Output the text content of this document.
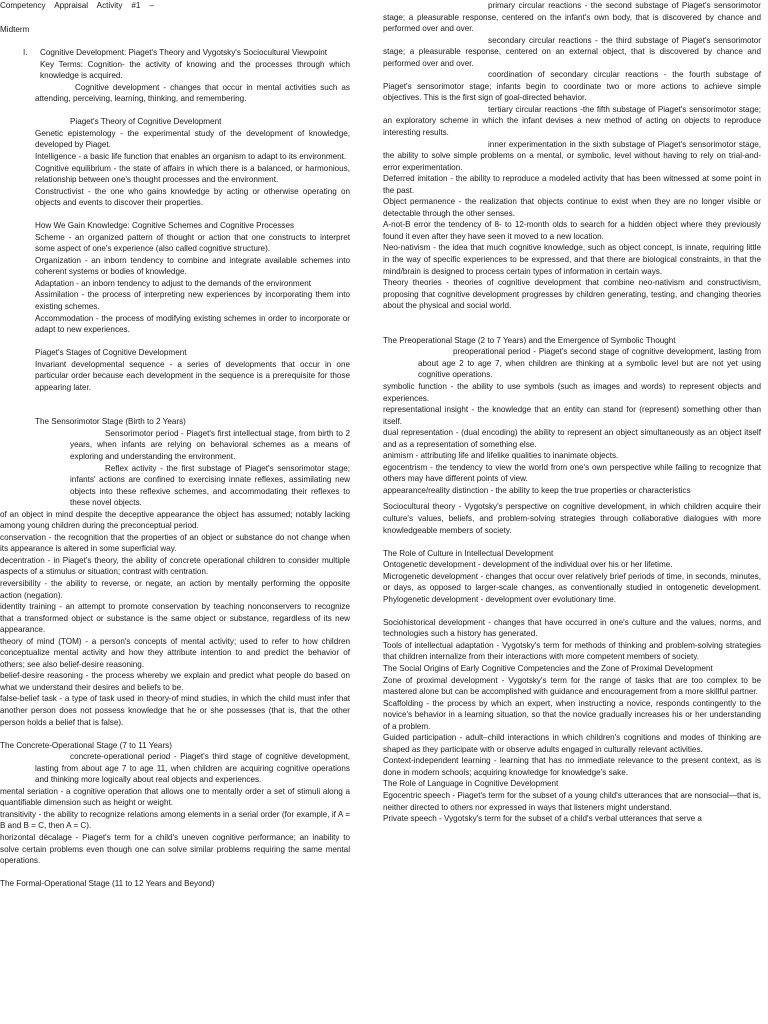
Competency    Appraisal    Activity    #1    –

Midterm

I. Cognitive Development: Piaget's Theory and Vygotsky's Sociocultural Viewpoint

Key Terms: Cognition- the activity of knowing and the processes through which knowledge is acquired.

Cognitive development - changes that occur in mental activities such as attending, perceiving, learning, thinking, and remembering.

Piaget's Theory of Cognitive Development

Genetic epistemology - the experimental study of the development of knowledge, developed by Piaget.

Intelligence - a basic life function that enables an organism to adapt to its environment.

Cognitive equilibrium - the state of affairs in which there is a balanced, or harmonious, relationship between one's thought processes and the environment.

Constructivist - the one who gains knowledge by acting or otherwise operating on objects and events to discover their properties.

How We Gain Knowledge: Cognitive Schemes and Cognitive Processes

Scheme - an organized pattern of thought or action that one constructs to interpret some aspect of one's experience (also called cognitive structure).

Organization - an inborn tendency to combine and integrate available schemes into coherent systems or bodies of knowledge.

Adaptation - an inborn tendency to adjust to the demands of the environment

Assimilation - the process of interpreting new experiences by incorporating them into existing schemes.

Accommodation - the process of modifying existing schemes in order to incorporate or adapt to new experiences.

Piaget's Stages of Cognitive Development

Invariant developmental sequence - a series of developments that occur in one particular order because each development in the sequence is a prerequisite for those appearing later.

The Sensorimotor Stage (Birth to 2 Years)

Sensorimotor period - Piaget's first intellectual stage, from birth to 2 years, when infants are relying on behavioral schemes as a means of exploring and understanding the environment.

Reflex activity - the first substage of Piaget's sensorimotor stage; infants' actions are confined to exercising innate reflexes, assimilating new objects into these reflexive schemes, and accommodating their reflexes to these novel objects.

of an object in mind despite the deceptive appearance the object has assumed; notably lacking among young children during the preconceptual period.

conservation - the recognition that the properties of an object or substance do not change when its appearance is altered in some superficial way.

decentration - in Piaget's theory, the ability of concrete operational children to consider multiple aspects of a stimulus or situation; contrast with centration.

reversibility - the ability to reverse, or negate, an action by mentally performing the opposite action (negation).

identity training - an attempt to promote conservation by teaching nonconservers to recognize that a transformed object or substance is the same object or substance, regardless of its new appearance.

theory of mind (TOM) - a person's concepts of mental activity; used to refer to how children conceptualize mental activity and how they attribute intention to and predict the behavior of others; see also belief-desire reasoning.

belief-desire reasoning - the process whereby we explain and predict what people do based on what we understand their desires and beliefs to be.

false-belief task - a type of task used in theory-of mind studies, in which the child must infer that another person does not possess knowledge that he or she possesses (that is, that the other person holds a belief that is false).

The Concrete-Operational Stage (7 to 11 Years)

concrete-operational period - Piaget's third stage of cognitive development, lasting from about age 7 to age 11, when children are acquiring cognitive operations and thinking more logically about real objects and experiences.

mental seriation - a cognitive operation that allows one to mentally order a set of stimuli along a quantifiable dimension such as height or weight.

transitivity - the ability to recognize relations among elements in a serial order (for example, if A = B and B = C, then A = C).

horizontal décalage - Piaget's term for a child's uneven cognitive performance; an inability to solve certain problems even though one can solve similar problems requiring the same mental operations.

The Formal-Operational Stage (11 to 12 Years and Beyond)

primary circular reactions - the second substage of Piaget's sensorimotor stage; a pleasurable response, centered on the infant's own body, that is discovered by chance and performed over and over.

secondary circular reactions - the third substage of Piaget's sensorimotor stage; a pleasurable response, centered on an external object, that is discovered by chance and performed over and over.

coordination of secondary circular reactions - the fourth substage of Piaget's sensorimotor stage; infants begin to coordinate two or more actions to achieve simple objectives. This is the first sign of goal-directed behavior.

tertiary circular reactions -the fifth substage of Piaget's sensorimotor stage; an exploratory scheme in which the infant devises a new method of acting on objects to reproduce interesting results.

inner experimentation in the sixth substage of Piaget's sensorimotor stage, the ability to solve simple problems on a mental, or symbolic, level without having to rely on trial-and-error experimentation.

Deferred imitation - the ability to reproduce a modeled activity that has been witnessed at some point in the past.

Object permanence - the realization that objects continue to exist when they are no longer visible or detectable through the other senses.

A-not-B error the tendency of 8- to 12-month olds to search for a hidden object where they previously found it even after they have seen it moved to a new location.

Neo-nativism - the idea that much cognitive knowledge, such as object concept, is innate, requiring little in the way of specific experiences to be expressed, and that there are biological constraints, in that the mind/brain is designed to process certain types of information in certain ways.

Theory theories - theories of cognitive development that combine neo-nativism and constructivism, proposing that cognitive development progresses by children generating, testing, and changing theories about the physical and social world.

The Preoperational Stage (2 to 7 Years) and the Emergence of Symbolic Thought

preoperational period - Piaget's second stage of cognitive development, lasting from about age 2 to age 7, when children are thinking at a symbolic level but are not yet using cognitive operations.

symbolic function - the ability to use symbols (such as images and words) to represent objects and experiences.

representational insight - the knowledge that an entity can stand for (represent) something other than itself.

dual representation - (dual encoding) the ability to represent an object simultaneously as an object itself and as a representation of something else.

animism - attributing life and lifelike qualities to inanimate objects.

egocentrism - the tendency to view the world from one's own perspective while failing to recognize that others may have different points of view.

appearance/reality distinction - the ability to keep the true properties or characteristics

Sociocultural theory - Vygotsky's perspective on cognitive development, in which children acquire their culture's values, beliefs, and problem-solving strategies through collaborative dialogues with more knowledgeable members of society.

The Role of Culture in Intellectual Development

Ontogenetic development - development of the individual over his or her lifetime.

Microgenetic development - changes that occur over relatively brief periods of time, in seconds, minutes, or days, as opposed to larger-scale changes, as conventionally studied in ontogenetic development. Phylogenetic development - development over evolutionary time.

Sociohistorical development - changes that have occurred in one's culture and the values, norms, and technologies such a history has generated.

Tools of intellectual adaptation - Vygotsky's term for methods of thinking and problem-solving strategies that children internalize from their interactions with more competent members of society.

The Social Origins of Early Cognitive Competencies and the Zone of Proximal Development

Zone of proximal development - Vygotsky's term for the range of tasks that are too complex to be mastered alone but can be accomplished with guidance and encouragement from a more skillful partner.

Scaffolding - the process by which an expert, when instructing a novice, responds contingently to the novice's behavior in a learning situation, so that the novice gradually increases his or her understanding of a problem.

Guided participation - adult–child interactions in which children's cognitions and modes of thinking are shaped as they participate with or observe adults engaged in culturally relevant activities.

Context-independent learning - learning that has no immediate relevance to the present context, as is done in modern schools; acquiring knowledge for knowledge's sake.

The Role of Language in Cognitive Development

Egocentric speech - Piaget's term for the subset of a young child's utterances that are nonsocial—that is, neither directed to others nor expressed in ways that listeners might understand.

Private speech - Vygotsky's term for the subset of a child's verbal utterances that serve a
